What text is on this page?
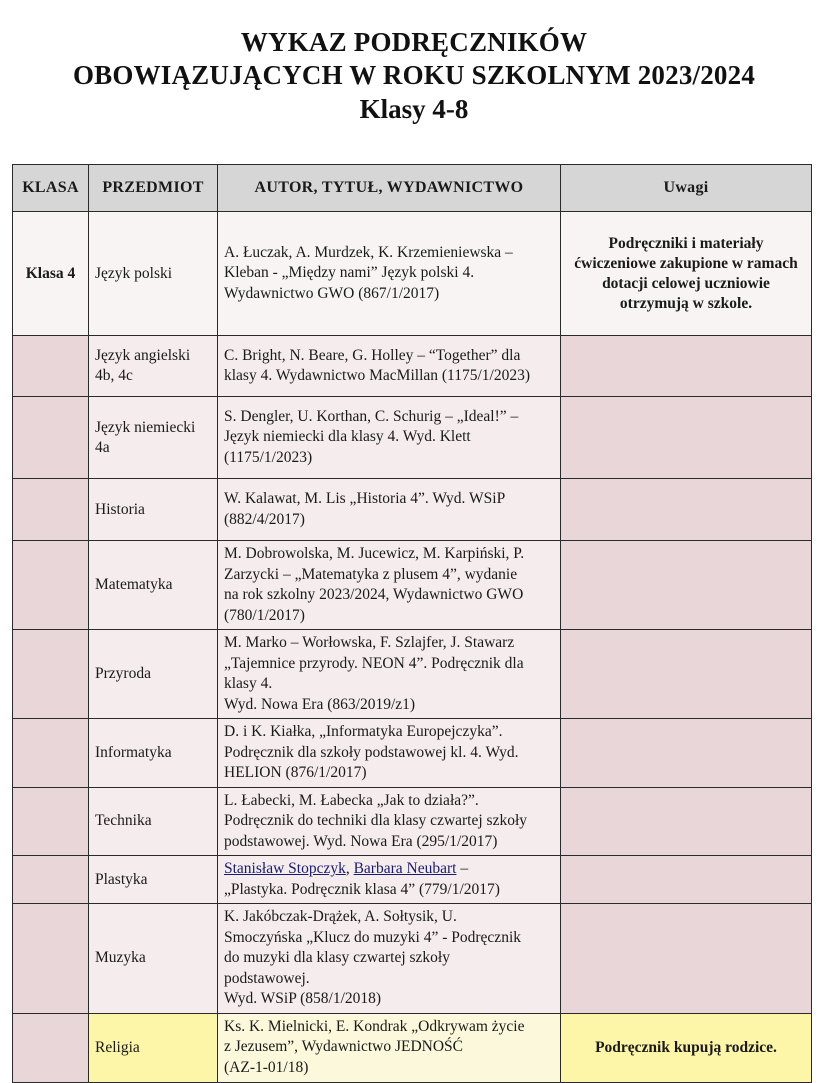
WYKAZ PODRĘCZNIKÓW
OBOWIĄZUJĄCYCH W ROKU SZKOLNYM 2023/2024
Klasy 4-8
KLASA	PRZEDMIOT	AUTOR, TYTUŁ, WYDAWNICTWO	Uwagi
Klasa 4	Język polski	A. Łuczak, A. Murdzek, K. Krzemieniewska –
Kleban - „Między nami” Język polski 4.
Wydawnictwo GWO (867/1/2017)	Podręczniki i materiały
ćwiczeniowe zakupione w ramach
dotacji celowej uczniowie
otrzymują w szkole.

	Język angielski
4b, 4c	C. Bright, N. Beare, G. Holley – “Together” dla
klasy 4. Wydawnictwo MacMillan (1175/1/2023)	

	Język niemiecki
4a	S. Dengler, U. Korthan, C. Schurig – „Ideal!” –
Język niemiecki dla klasy 4. Wyd. Klett
(1175/1/2023)	

	Historia	W. Kalawat, M. Lis „Historia 4”. Wyd. WSiP
(882/4/2017)	

	Matematyka	M. Dobrowolska, M. Jucewicz, M. Karpiński, P.
Zarzycki – „Matematyka z plusem 4”, wydanie
na rok szkolny 2023/2024, Wydawnictwo GWO
(780/1/2017)	

	Przyroda	M. Marko – Worłowska, F. Szlajfer, J. Stawarz
„Tajemnice przyrody. NEON 4”. Podręcznik dla
klasy 4.
Wyd. Nowa Era (863/2019/z1)	

	Informatyka	D. i K. Kiałka, „Informatyka Europejczyka”.
Podręcznik dla szkoły podstawowej kl. 4. Wyd.
HELION (876/1/2017)	

	Technika	L. Łabecki, M. Łabecka „Jak to działa?”.
Podręcznik do techniki dla klasy czwartej szkoły
podstawowej. Wyd. Nowa Era (295/1/2017)	

	Plastyka	Stanisław Stopczyk, Barbara Neubart –
„Plastyka. Podręcznik klasa 4” (779/1/2017)	

	Muzyka	K. Jakóbczak-Drążek, A. Sołtysik, U.
Smoczyńska „Klucz do muzyki 4” - Podręcznik
do muzyki dla klasy czwartej szkoły
podstawowej.
Wyd. WSiP (858/1/2018)	

	Religia	Ks. K. Mielnicki, E. Kondrak „Odkrywam życie
z Jezusem”, Wydawnictwo JEDNOŚĆ
(AZ-1-01/18)	Podręcznik kupują rodzice.
